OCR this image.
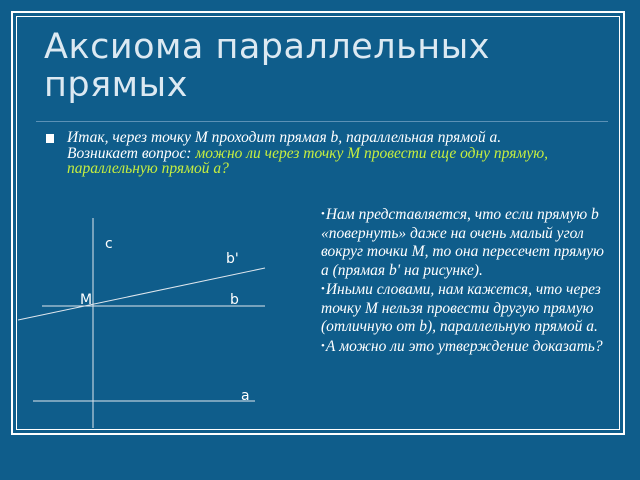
Аксиома параллельных прямых
Итак, через точку М проходит прямая b, параллельная прямой а. Возникает вопрос: можно ли через точку М провести еще одну прямую, параллельную прямой а?

•Нам представляется, что если прямую b «повернуть» даже на очень малый угол вокруг точки М, то она пересечет прямую а (прямая b' на рисунке).

•Иными словами, нам кажется, что через точку М нельзя провести другую прямую (отличную от b), параллельную прямой а.

•А можно ли это утверждение доказать?

c
b'
M	b
a
